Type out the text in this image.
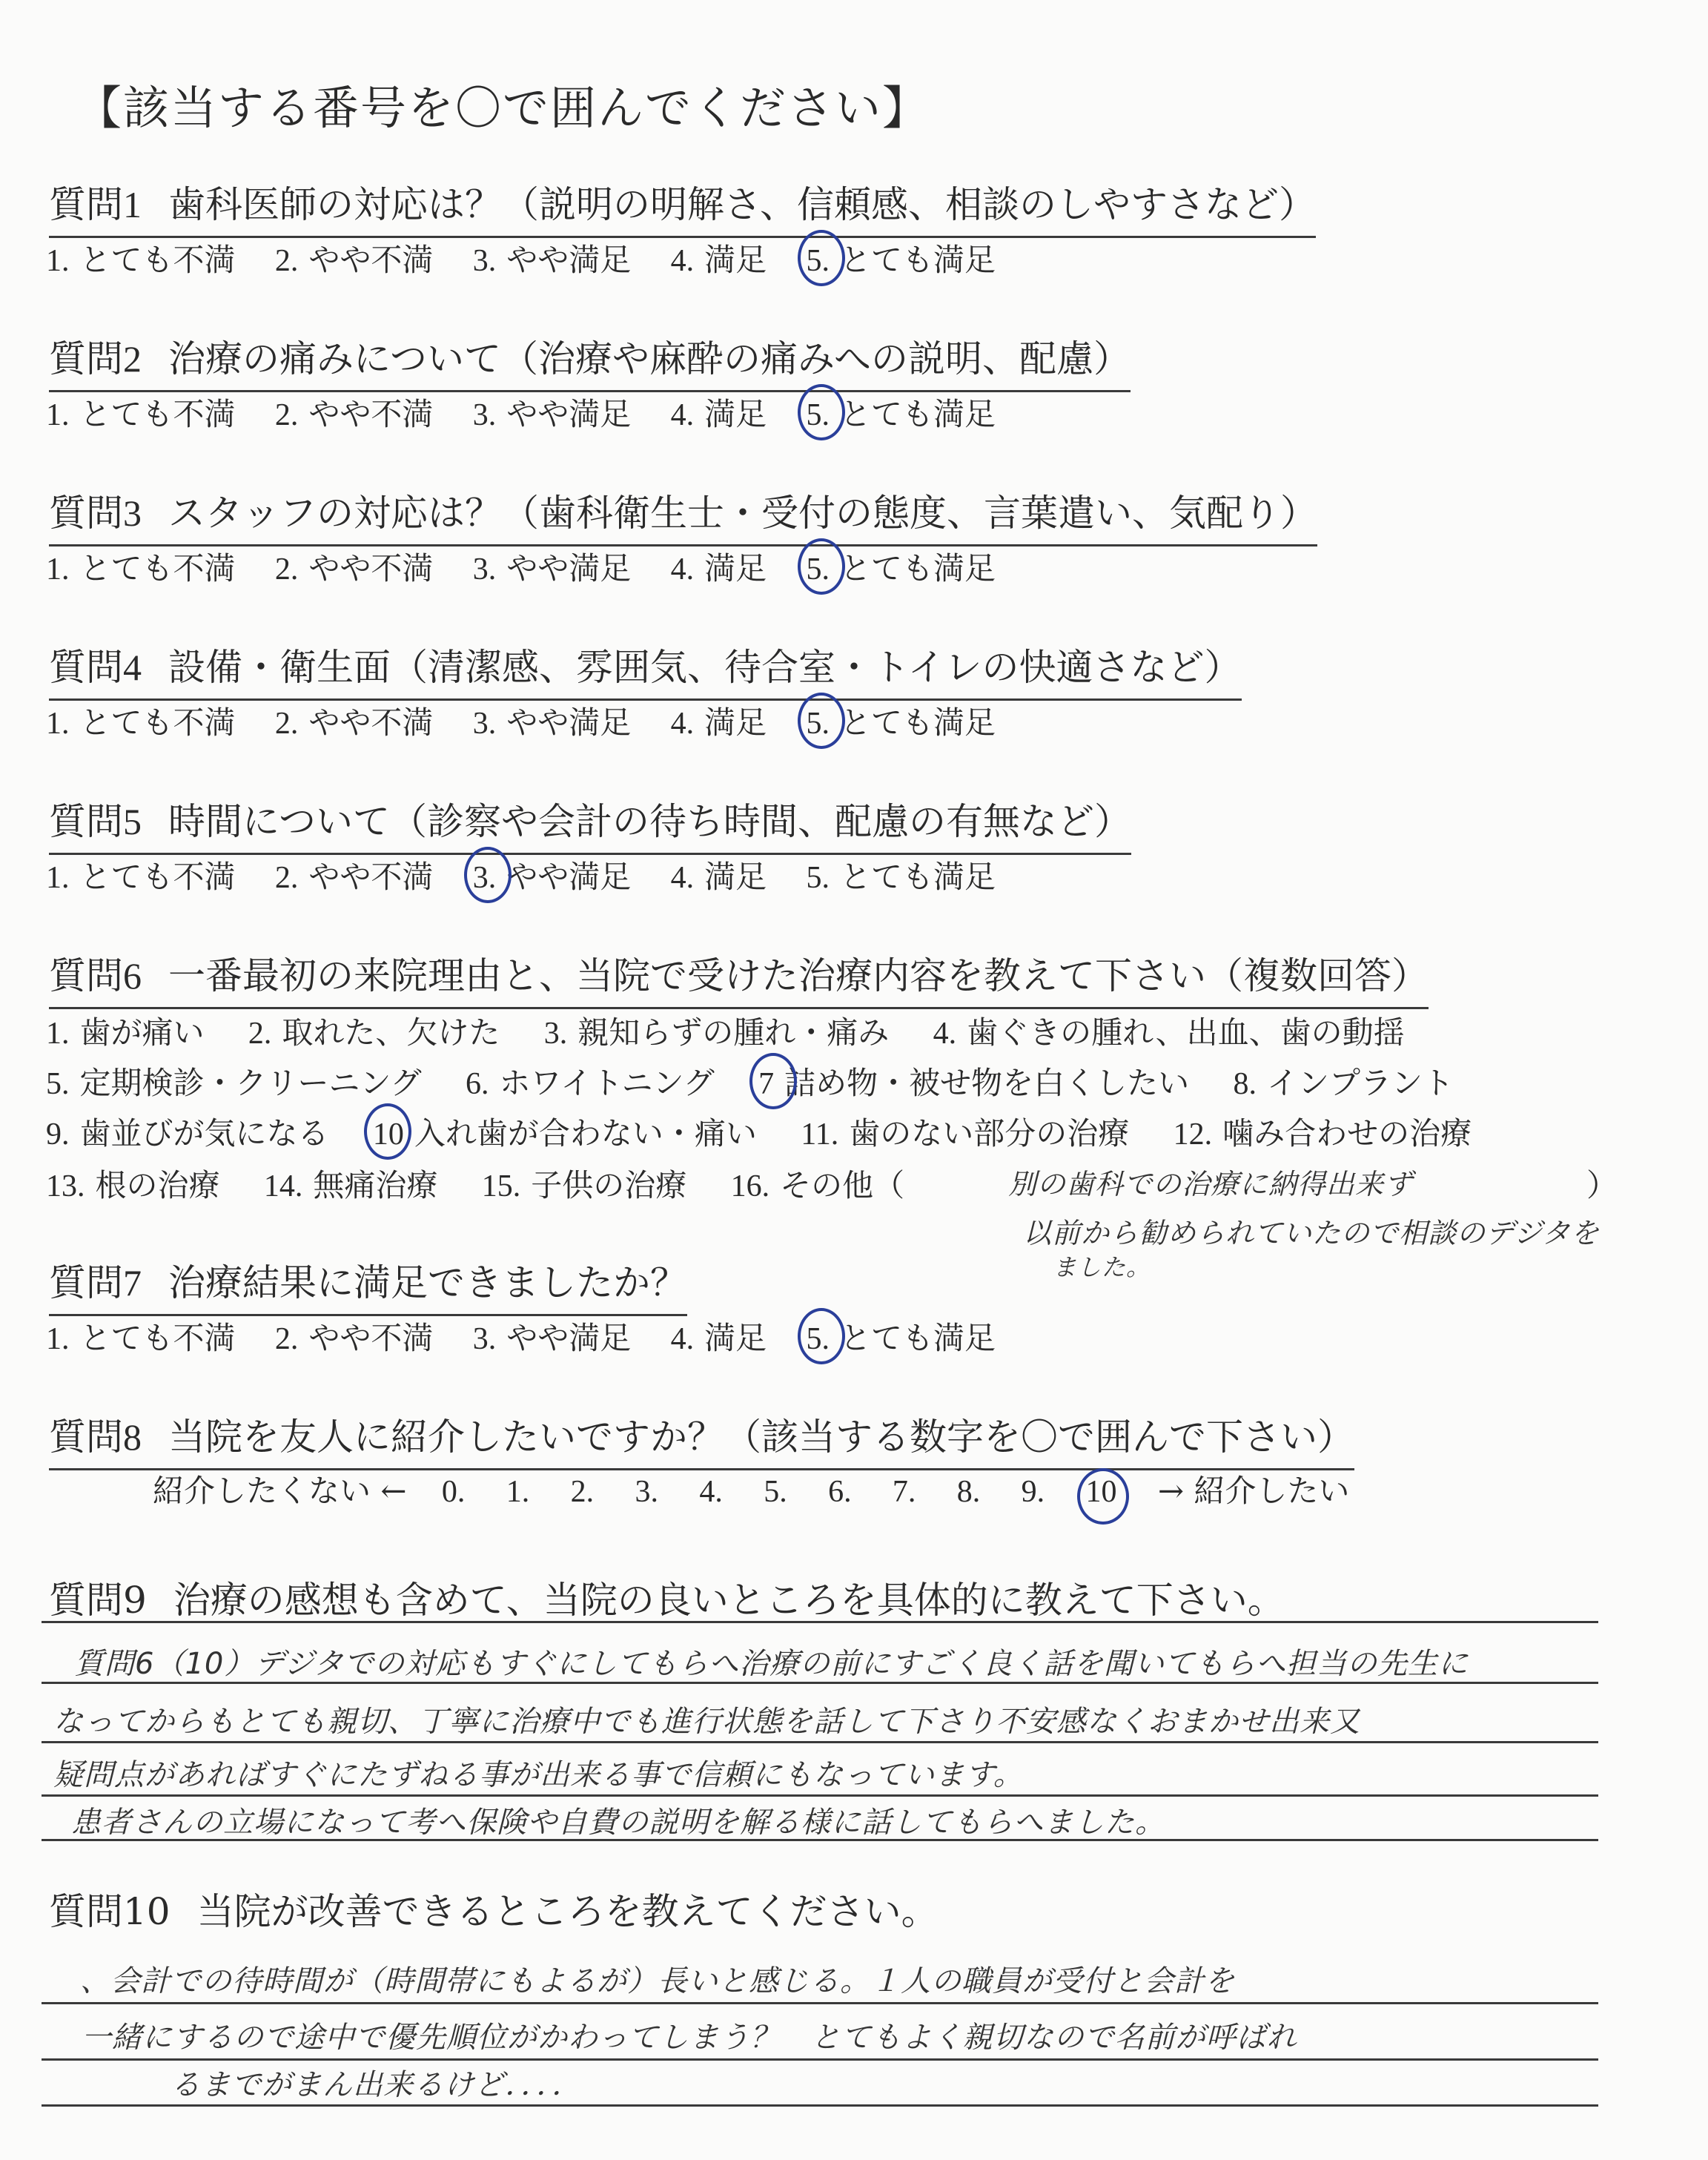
【該当する番号を〇で囲んでください】
質問1 歯科医師の対応は？（説明の明解さ、信頼感、相談のしやすさなど）
1. とても不満 2. やや不満 3. やや満足 4. 満足 5. とても満足
質問2 治療の痛みについて（治療や麻酔の痛みへの説明、配慮）
1. とても不満 2. やや不満 3. やや満足 4. 満足 5. とても満足
質問3 スタッフの対応は？（歯科衛生士・受付の態度、言葉遣い、気配り）
1. とても不満 2. やや不満 3. やや満足 4. 満足 5. とても満足
質問4 設備・衛生面（清潔感、雰囲気、待合室・トイレの快適さなど）
1. とても不満 2. やや不満 3. やや満足 4. 満足 5. とても満足
質問5 時間について（診察や会計の待ち時間、配慮の有無など）
1. とても不満 2. やや不満 3. やや満足 4. 満足 5. とても満足
質問6 一番最初の来院理由と、当院で受けた治療内容を教えて下さい（複数回答）
1. 歯が痛い 2. 取れた、欠けた 3. 親知らずの腫れ・痛み 4. 歯ぐきの腫れ、出血、歯の動揺
5. 定期検診・クリーニング 6. ホワイトニング 7 詰め物・被せ物を白くしたい 8. インプラント
9. 歯並びが気になる 10 入れ歯が合わない・痛い 11. 歯のない部分の治療 12. 噛み合わせの治療
13. 根の治療 14. 無痛治療 15. 子供の治療 16. その他（	別の歯科での治療に納得出来ず	）
以前から勧められていたので相談のデジタを
ました。
質問7 治療結果に満足できましたか？
1. とても不満 2. やや不満 3. やや満足 4. 満足 5. とても満足
質問8 当院を友人に紹介したいですか？（該当する数字を〇で囲んで下さい）
紹介したくない ← 0. 1. 2. 3. 4. 5. 6. 7. 8. 9. 10 → 紹介したい
質問9 治療の感想も含めて、当院の良いところを具体的に教えて下さい。
質問6（10）デジタでの対応もすぐにしてもらへ治療の前にすごく良く話を聞いてもらへ担当の先生に
なってからもとても親切、丁寧に治療中でも進行状態を話して下さり不安感なくおまかせ出来又
疑問点があればすぐにたずねる事が出来る事で信頼にもなっています。
患者さんの立場になって考へ保険や自費の説明を解る様に話してもらへました。
質問10 当院が改善できるところを教えてください。
、会計での待時間が（時間帯にもよるが）長いと感じる。１人の職員が受付と会計を
一緒にするので途中で優先順位がかわってしまう？　とてもよく親切なので名前が呼ばれ
るまでがまん出来るけど．．．．
